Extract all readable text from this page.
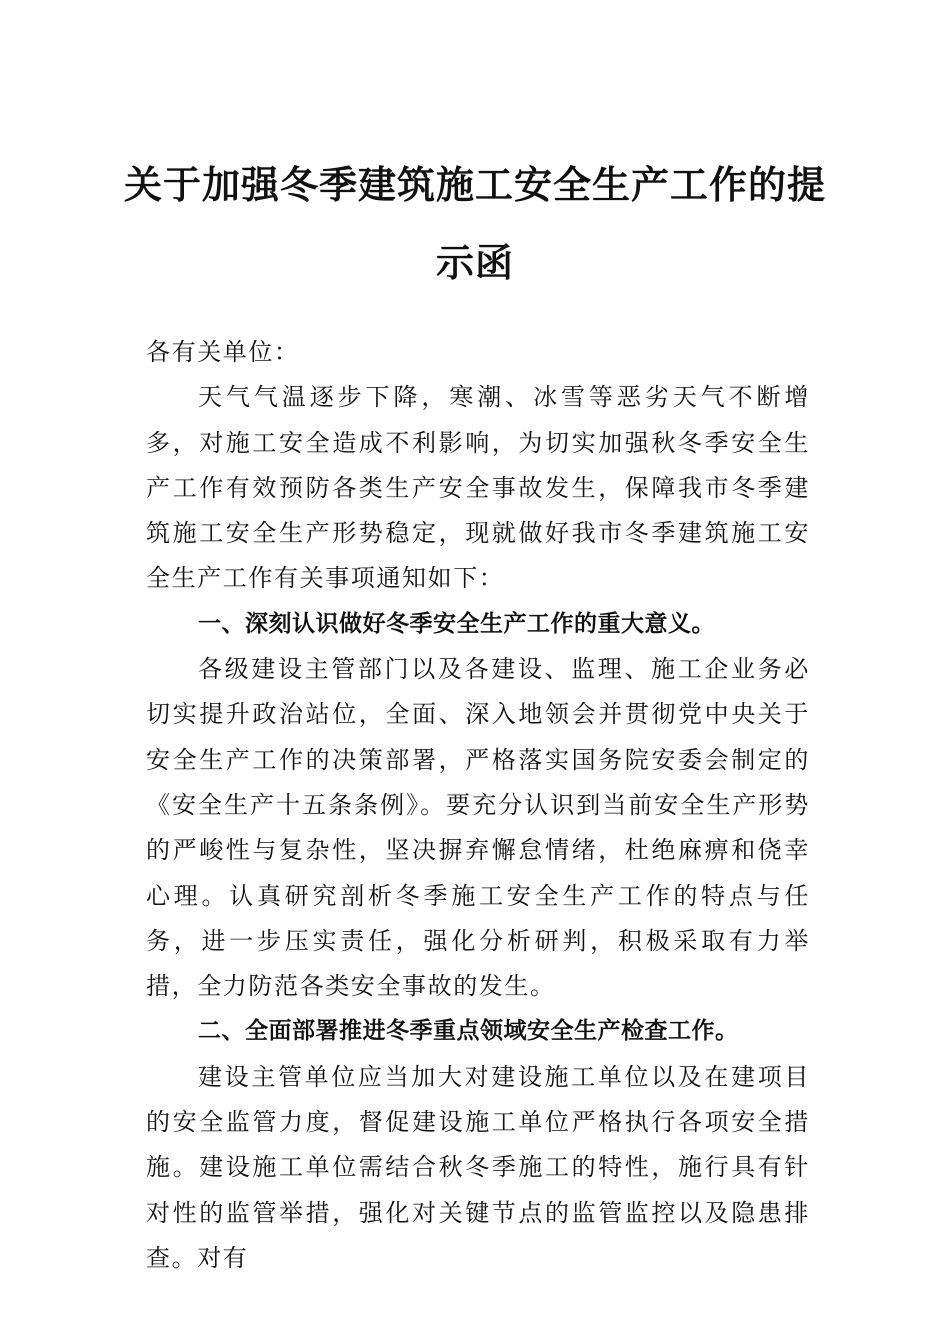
关于加强冬季建筑施工安全生产工作的提示函

各有关单位：

天气气温逐步下降，寒潮、冰雪等恶劣天气不断增多，对施工安全造成不利影响，为切实加强秋冬季安全生产工作有效预防各类生产安全事故发生，保障我市冬季建筑施工安全生产形势稳定，现就做好我市冬季建筑施工安全生产工作有关事项通知如下：

一、深刻认识做好冬季安全生产工作的重大意义。

各级建设主管部门以及各建设、监理、施工企业务必切实提升政治站位，全面、深入地领会并贯彻党中央关于安全生产工作的决策部署，严格落实国务院安委会制定的《安全生产十五条条例》。要充分认识到当前安全生产形势的严峻性与复杂性，坚决摒弃懈怠情绪，杜绝麻痹和侥幸心理。认真研究剖析冬季施工安全生产工作的特点与任务，进一步压实责任，强化分析研判，积极采取有力举措，全力防范各类安全事故的发生。

二、全面部署推进冬季重点领域安全生产检查工作。

建设主管单位应当加大对建设施工单位以及在建项目的安全监管力度，督促建设施工单位严格执行各项安全措施。建设施工单位需结合秋冬季施工的特性，施行具有针对性的监管举措，强化对关键节点的监管监控以及隐患排查。对有
